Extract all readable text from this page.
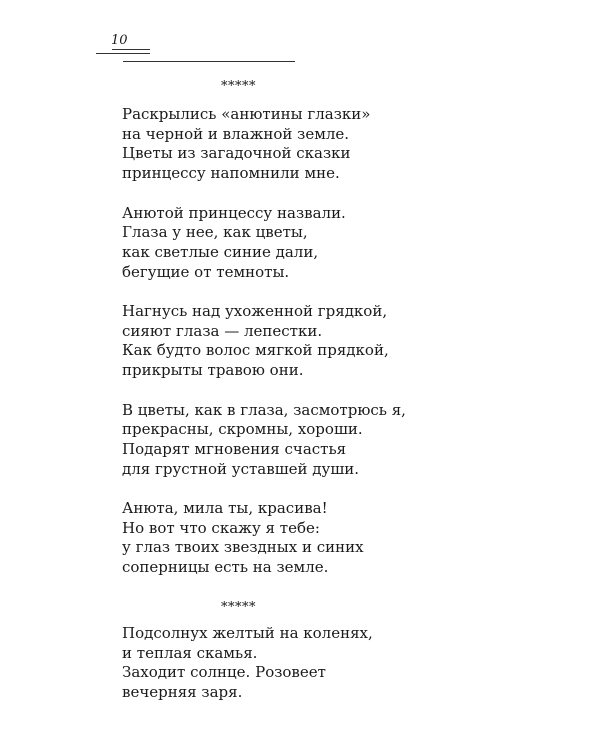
10
*****
Раскрылись «анютины глазки»
на черной и влажной земле.
Цветы из загадочной сказки
принцессу напомнили мне.
Анютой принцессу назвали.
Глаза у нее, как цветы,
как светлые синие дали,
бегущие от темноты.
Нагнусь над ухоженной грядкой,
сияют глаза — лепестки.
Как будто волос мягкой прядкой,
прикрыты травою они.
В цветы, как в глаза, засмотрюсь я,
прекрасны, скромны, хороши.
Подарят мгновения счастья
для грустной уставшей души.
Анюта, мила ты, красива!
Но вот что скажу я тебе:
у глаз твоих звездных и синих
соперницы есть на земле.
*****
Подсолнух желтый на коленях,
и теплая скамья.
Заходит солнце. Розовеет
вечерняя заря.
